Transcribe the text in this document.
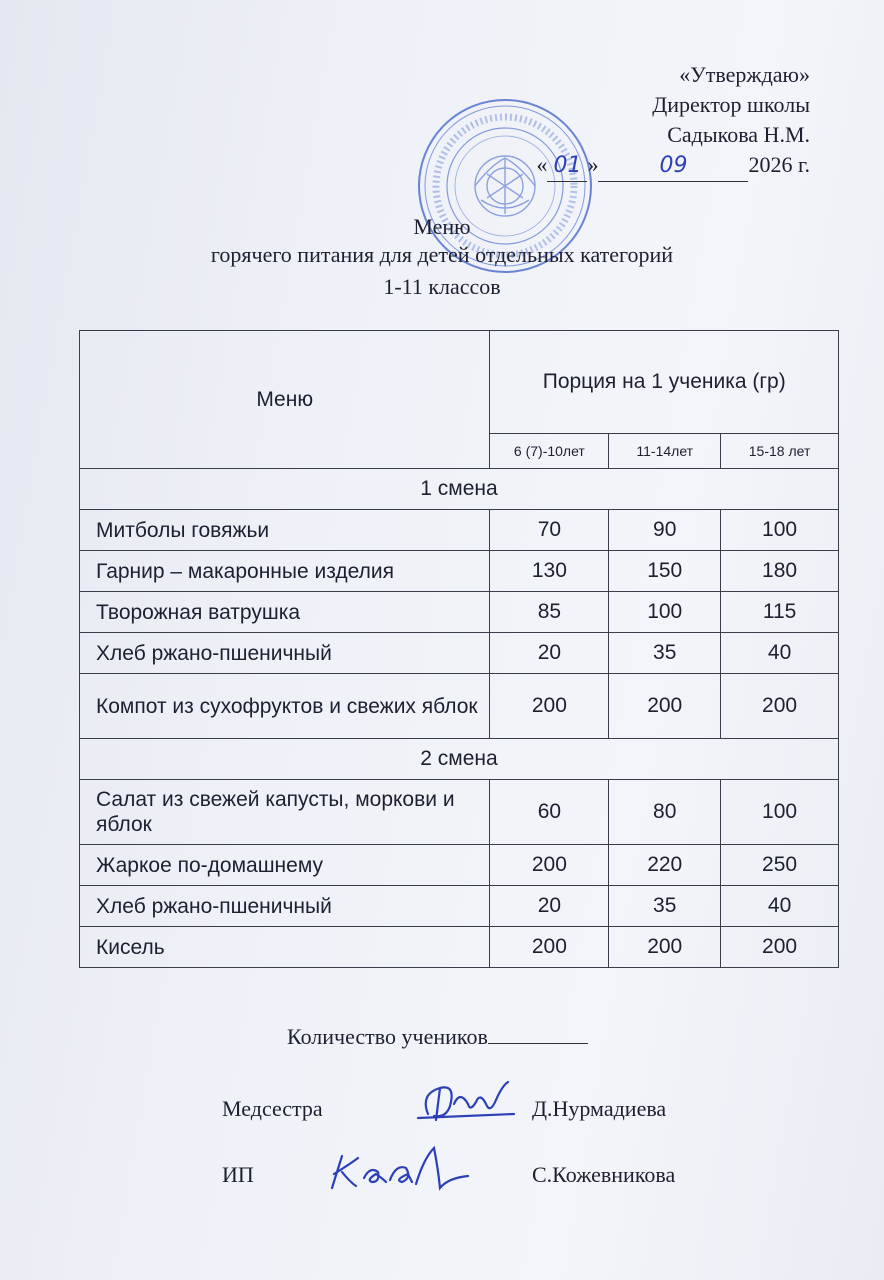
«Утверждаю»
Директор школы
Садыкова Н.М.
« 01 »	09	2026 г.
Меню
горячего питания для детей отдельных категорий
1-11 классов
Меню	Порция на 1 ученика (гр)		
	6 (7)-10лет	11-14лет	15-18 лет
1 смена			
Митболы говяжьи	70	90	100
Гарнир – макаронные изделия	130	150	180
Творожная ватрушка	85	100	115
Хлеб ржано-пшеничный	20	35	40
Компот из сухофруктов и свежих яблок	200	200	200
2 смена			
Салат из свежей капусты, моркови и яблок	60	80	100
Жаркое по-домашнему	200	220	250
Хлеб ржано-пшеничный	20	35	40
Кисель	200	200	200
Количество учеников
Медсестра	Д.Нурмадиева
ИП	С.Кожевникова
